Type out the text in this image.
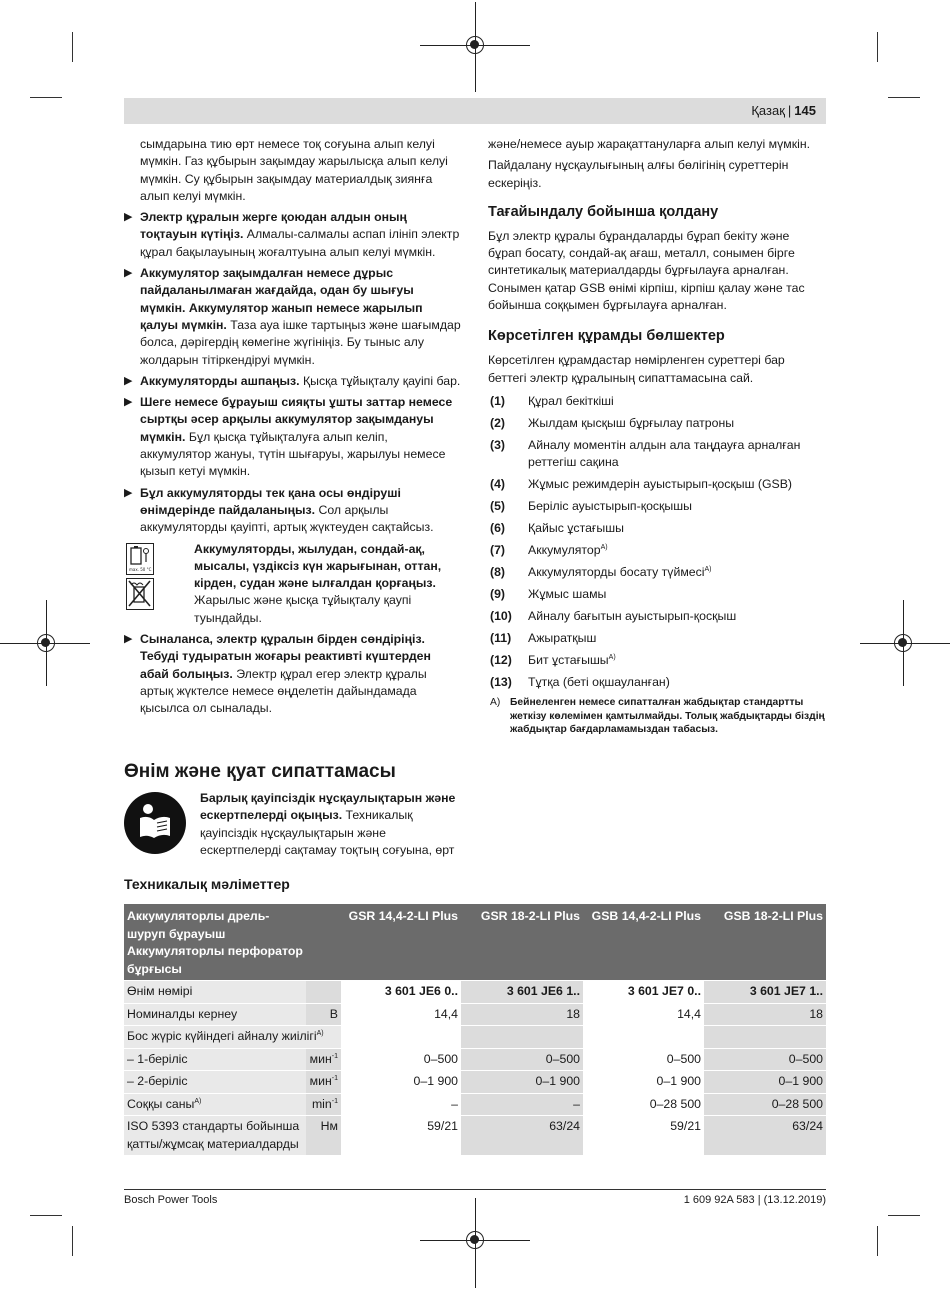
Қазақ | 145

сымдарына тию өрт немесе тоқ соғуына алып келуі мүмкін. Газ құбырын зақымдау жарылысқа алып келуі мүмкін. Су құбырын зақымдау материалдық зиянға алып келуі мүмкін.

▶ Электр құралын жерге қоюдан алдын оның тоқтауын күтіңіз. Алмалы-салмалы аспап ілініп электр құрал бақылауының жоғалтуына алып келуі мүмкін.
▶ Аккумулятор зақымдалған немесе дұрыс пайдаланылмаған жағдайда, одан бу шығуы мүмкін. Аккумулятор жанып немесе жарылып қалуы мүмкін. Таза ауа ішке тартыңыз және шағымдар болса, дәрігердің көмегіне жүгініңіз. Бу тыныс алу жолдарын тітіркендіруі мүмкін.
▶ Аккумуляторды ашпаңыз. Қысқа тұйықталу қауіпі бар.
▶ Шеге немесе бұрауыш сияқты ұшты заттар немесе сыртқы әсер арқылы аккумулятор зақымдануы мүмкін. Бұл қысқа тұйықталуға алып келіп, аккумулятор жануы, түтін шығаруы, жарылуы немесе қызып кетуі мүмкін.
▶ Бұл аккумуляторды тек қана осы өндіруші өнімдерінде пайдаланыңыз. Сол арқылы аккумуляторды қауіпті, артық жүктеуден сақтайсыз.
max. 50 °C
Аккумуляторды, жылудан, сондай-ақ, мысалы, үздіксіз күн жарығынан, оттан, кірден, судан және ылғалдан қорғаңыз. Жарылыс және қысқа тұйықталу қаупі туындайды.
▶ Сыналанса, электр құралын бірден сөндіріңіз. Тебуді тудыратын жоғары реактивті күштерден абай болыңыз. Электр құрал егер электр құралы артық жүктелсе немесе өңделетін дайындамада қысылса ол сыналады.
Өнім және қуат сипаттамасы
Барлық қауіпсіздік нұсқаулықтарын және ескертпелерді оқыңыз. Техникалық қауіпсіздік нұсқаулықтарын және ескертпелерді сақтамау тоқтың соғуына, өрт

және/немесе ауыр жарақаттануларға алып келуі мүмкін.

Пайдалану нұсқаулығының алғы бөлігінің суреттерін ескеріңіз.

Тағайындалу бойынша қолдану

Бұл электр құралы бұрандаларды бұрап бекіту және бұрап босату, сондай-ақ ағаш, металл, сонымен бірге синтетикалық материалдарды бұрғылауға арналған. Сонымен қатар GSB өнімі кірпіш, кірпіш қалау және тас бойынша соққымен бұрғылауға арналған.

Көрсетілген құрамды бөлшектер

Көрсетілген құрамдастар нөмірленген суреттері бар беттегі электр құралының сипаттамасына сай.

(1) Құрал бекіткіші
(2) Жылдам қысқыш бұрғылау патроны
(3) Айналу моментін алдын ала таңдауға арналған реттегіш сақина
(4) Жұмыс режимдерін ауыстырып-қосқыш (GSB)
(5) Беріліс ауыстырып-қосқышы
(6) Қайыс ұстағышы
(7) Аккумулятор$^{A)}$
(8) Аккумуляторды босату түймесі$^{A)}$
(9) Жұмыс шамы
(10) Айналу бағытын ауыстырып-қосқыш
(11) Ажыратқыш
(12) Бит ұстағышы$^{A)}$
(13) Тұтқа (беті оқшауланған)
A) Бейнеленген немесе сипатталған жабдықтар стандартты жеткізу көлемімен қамтылмайды. Толық жабдықтарды біздің жабдықтар бағдарламамыздан табасыз.
Техникалық мәліметтер
Аккумуляторлы дрель-шуруп бұрауыш Аккумуляторлы перфоратор бұрғысы		GSR 14,4-2-LI Plus	GSR 18-2-LI Plus	GSB 14,4-2-LI Plus	GSB 18-2-LI Plus
Өнім нөмірі		3 601 JE6 0..	3 601 JE6 1..	3 601 JE7 0..	3 601 JE7 1..
Номиналды кернеу	В	14,4	18	14,4	18
Бос жүріс күйіндегі айналу жиілігі$^{A)}$				
– 1-беріліс	мин$^{-1}$	0–500	0–500	0–500	0–500
– 2-беріліс	мин$^{-1}$	0–1 900	0–1 900	0–1 900	0–1 900
Соққы саны$^{A)}$	$\min^{-1}$	–	–	0–28 500	0–28 500
ISO 5393 стандарты бойынша қатты/жұмсақ материалдарды	Нм	59/21	63/24	59/21	63/24
Bosch Power Tools	1 609 92A 583 | (13.12.2019)
